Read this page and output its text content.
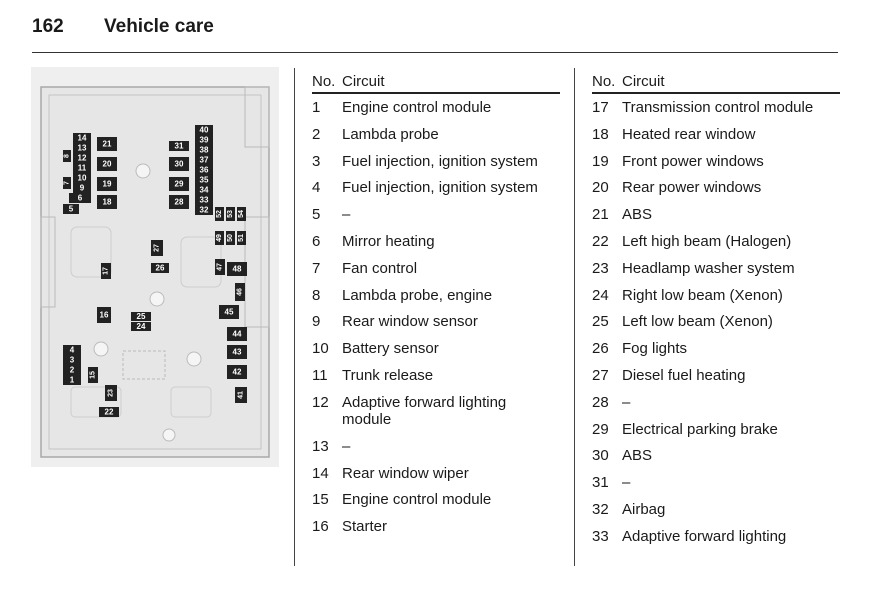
162 Vehicle care
1
2
3
4
5
6
7
8
9
10
11
12
13
14
15
16
17
18
19
20
21
22
23
24
25
26
27
28
29
30
31
32
33
34
35
36
37
38
39
40
41
42
43
44
45
46
47 48
49 50 51
52 53 54
No. Circuit
1	Engine control module
2	Lambda probe
3	Fuel injection, ignition system
4	Fuel injection, ignition system
5	–
6	Mirror heating
7	Fan control
8	Lambda probe, engine
9	Rear window sensor
10 Battery sensor
11 Trunk release
12 Adaptive forward lighting module
13 –
14 Rear window wiper
15 Engine control module
16 Starter
No. Circuit
17 Transmission control module
18 Heated rear window
19 Front power windows
20 Rear power windows
21 ABS
22 Left high beam (Halogen)
23 Headlamp washer system
24 Right low beam (Xenon)
25 Left low beam (Xenon)
26 Fog lights
27 Diesel fuel heating
28 –
29 Electrical parking brake
30 ABS
31 –
32 Airbag
33 Adaptive forward lighting
